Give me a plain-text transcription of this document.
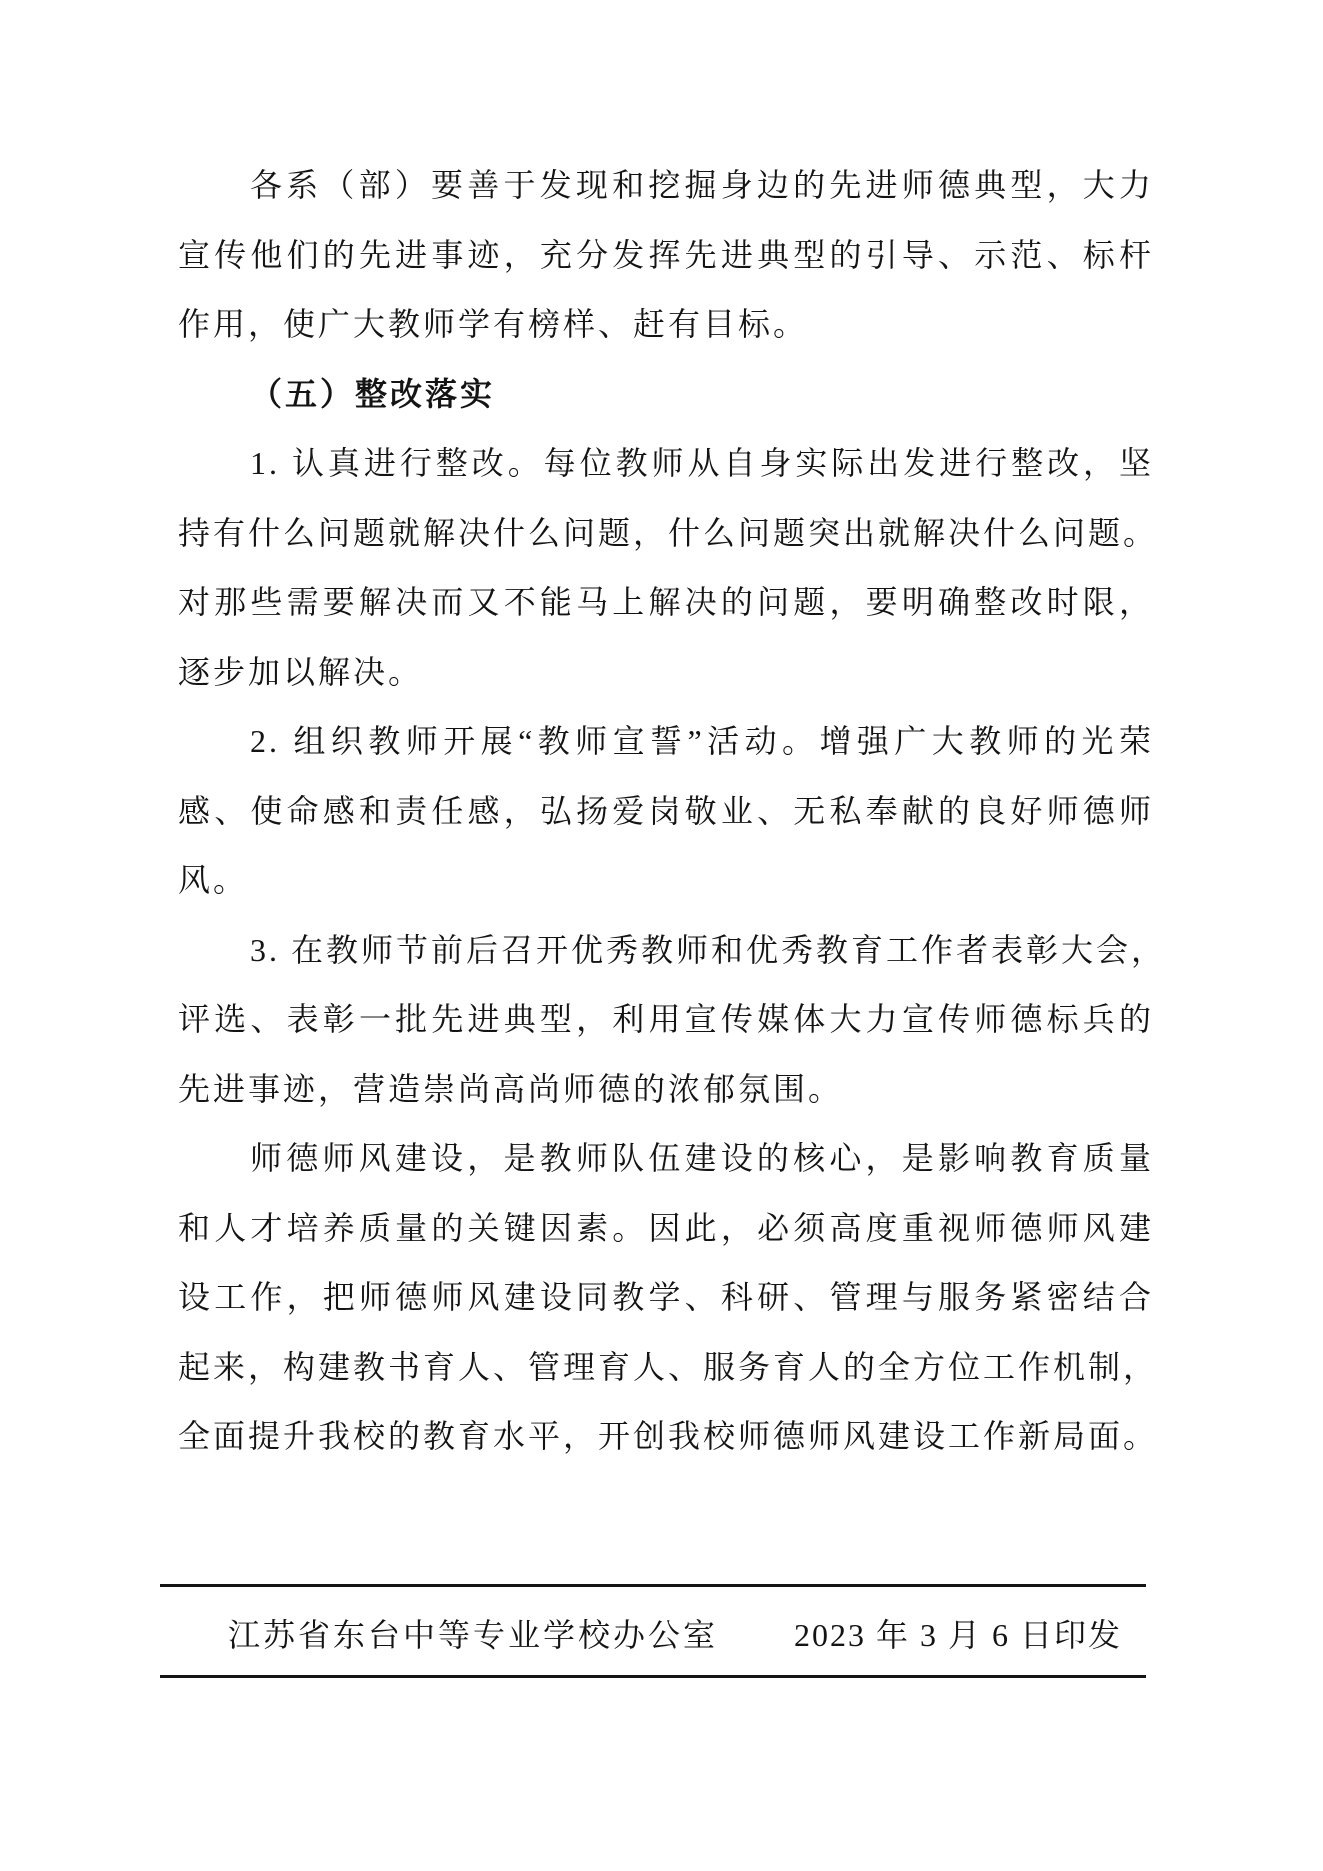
各系（部）要善于发现和挖掘身边的先进师德典型，大力
宣传他们的先进事迹，充分发挥先进典型的引导、示范、标杆
作用，使广大教师学有榜样、赶有目标。
（五）整改落实
1. 认真进行整改。每位教师从自身实际出发进行整改，坚
持有什么问题就解决什么问题，什么问题突出就解决什么问题。
对那些需要解决而又不能马上解决的问题，要明确整改时限，
逐步加以解决。
2. 组织教师开展“教师宣誓”活动。增强广大教师的光荣
感、使命感和责任感，弘扬爱岗敬业、无私奉献的良好师德师
风。
3. 在教师节前后召开优秀教师和优秀教育工作者表彰大会，
评选、表彰一批先进典型，利用宣传媒体大力宣传师德标兵的
先进事迹，营造崇尚高尚师德的浓郁氛围。
师德师风建设，是教师队伍建设的核心，是影响教育质量
和人才培养质量的关键因素。因此，必须高度重视师德师风建
设工作，把师德师风建设同教学、科研、管理与服务紧密结合
起来，构建教书育人、管理育人、服务育人的全方位工作机制，
全面提升我校的教育水平，开创我校师德师风建设工作新局面。
江苏省东台中等专业学校办公室 2023 年 3 月 6 日印发
